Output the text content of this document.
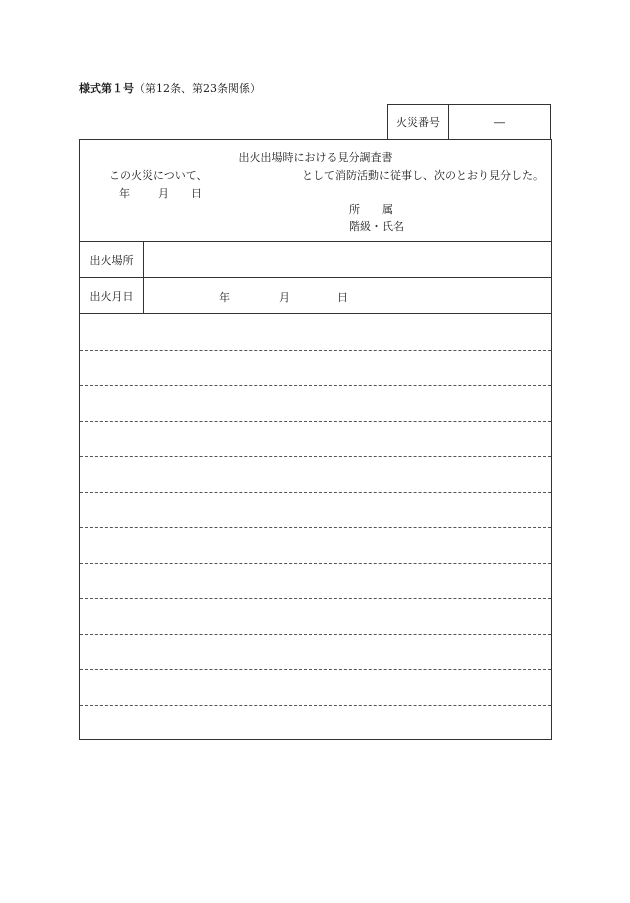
様式第１号（第12条、第23条関係）
火災番号	―
出火出場時における見分調査書
この火災について、	として消防活動に従事し、次のとおり見分した。
年	月 日
所　　属
階級・氏名
出火場所
出火月日	年	月	日
